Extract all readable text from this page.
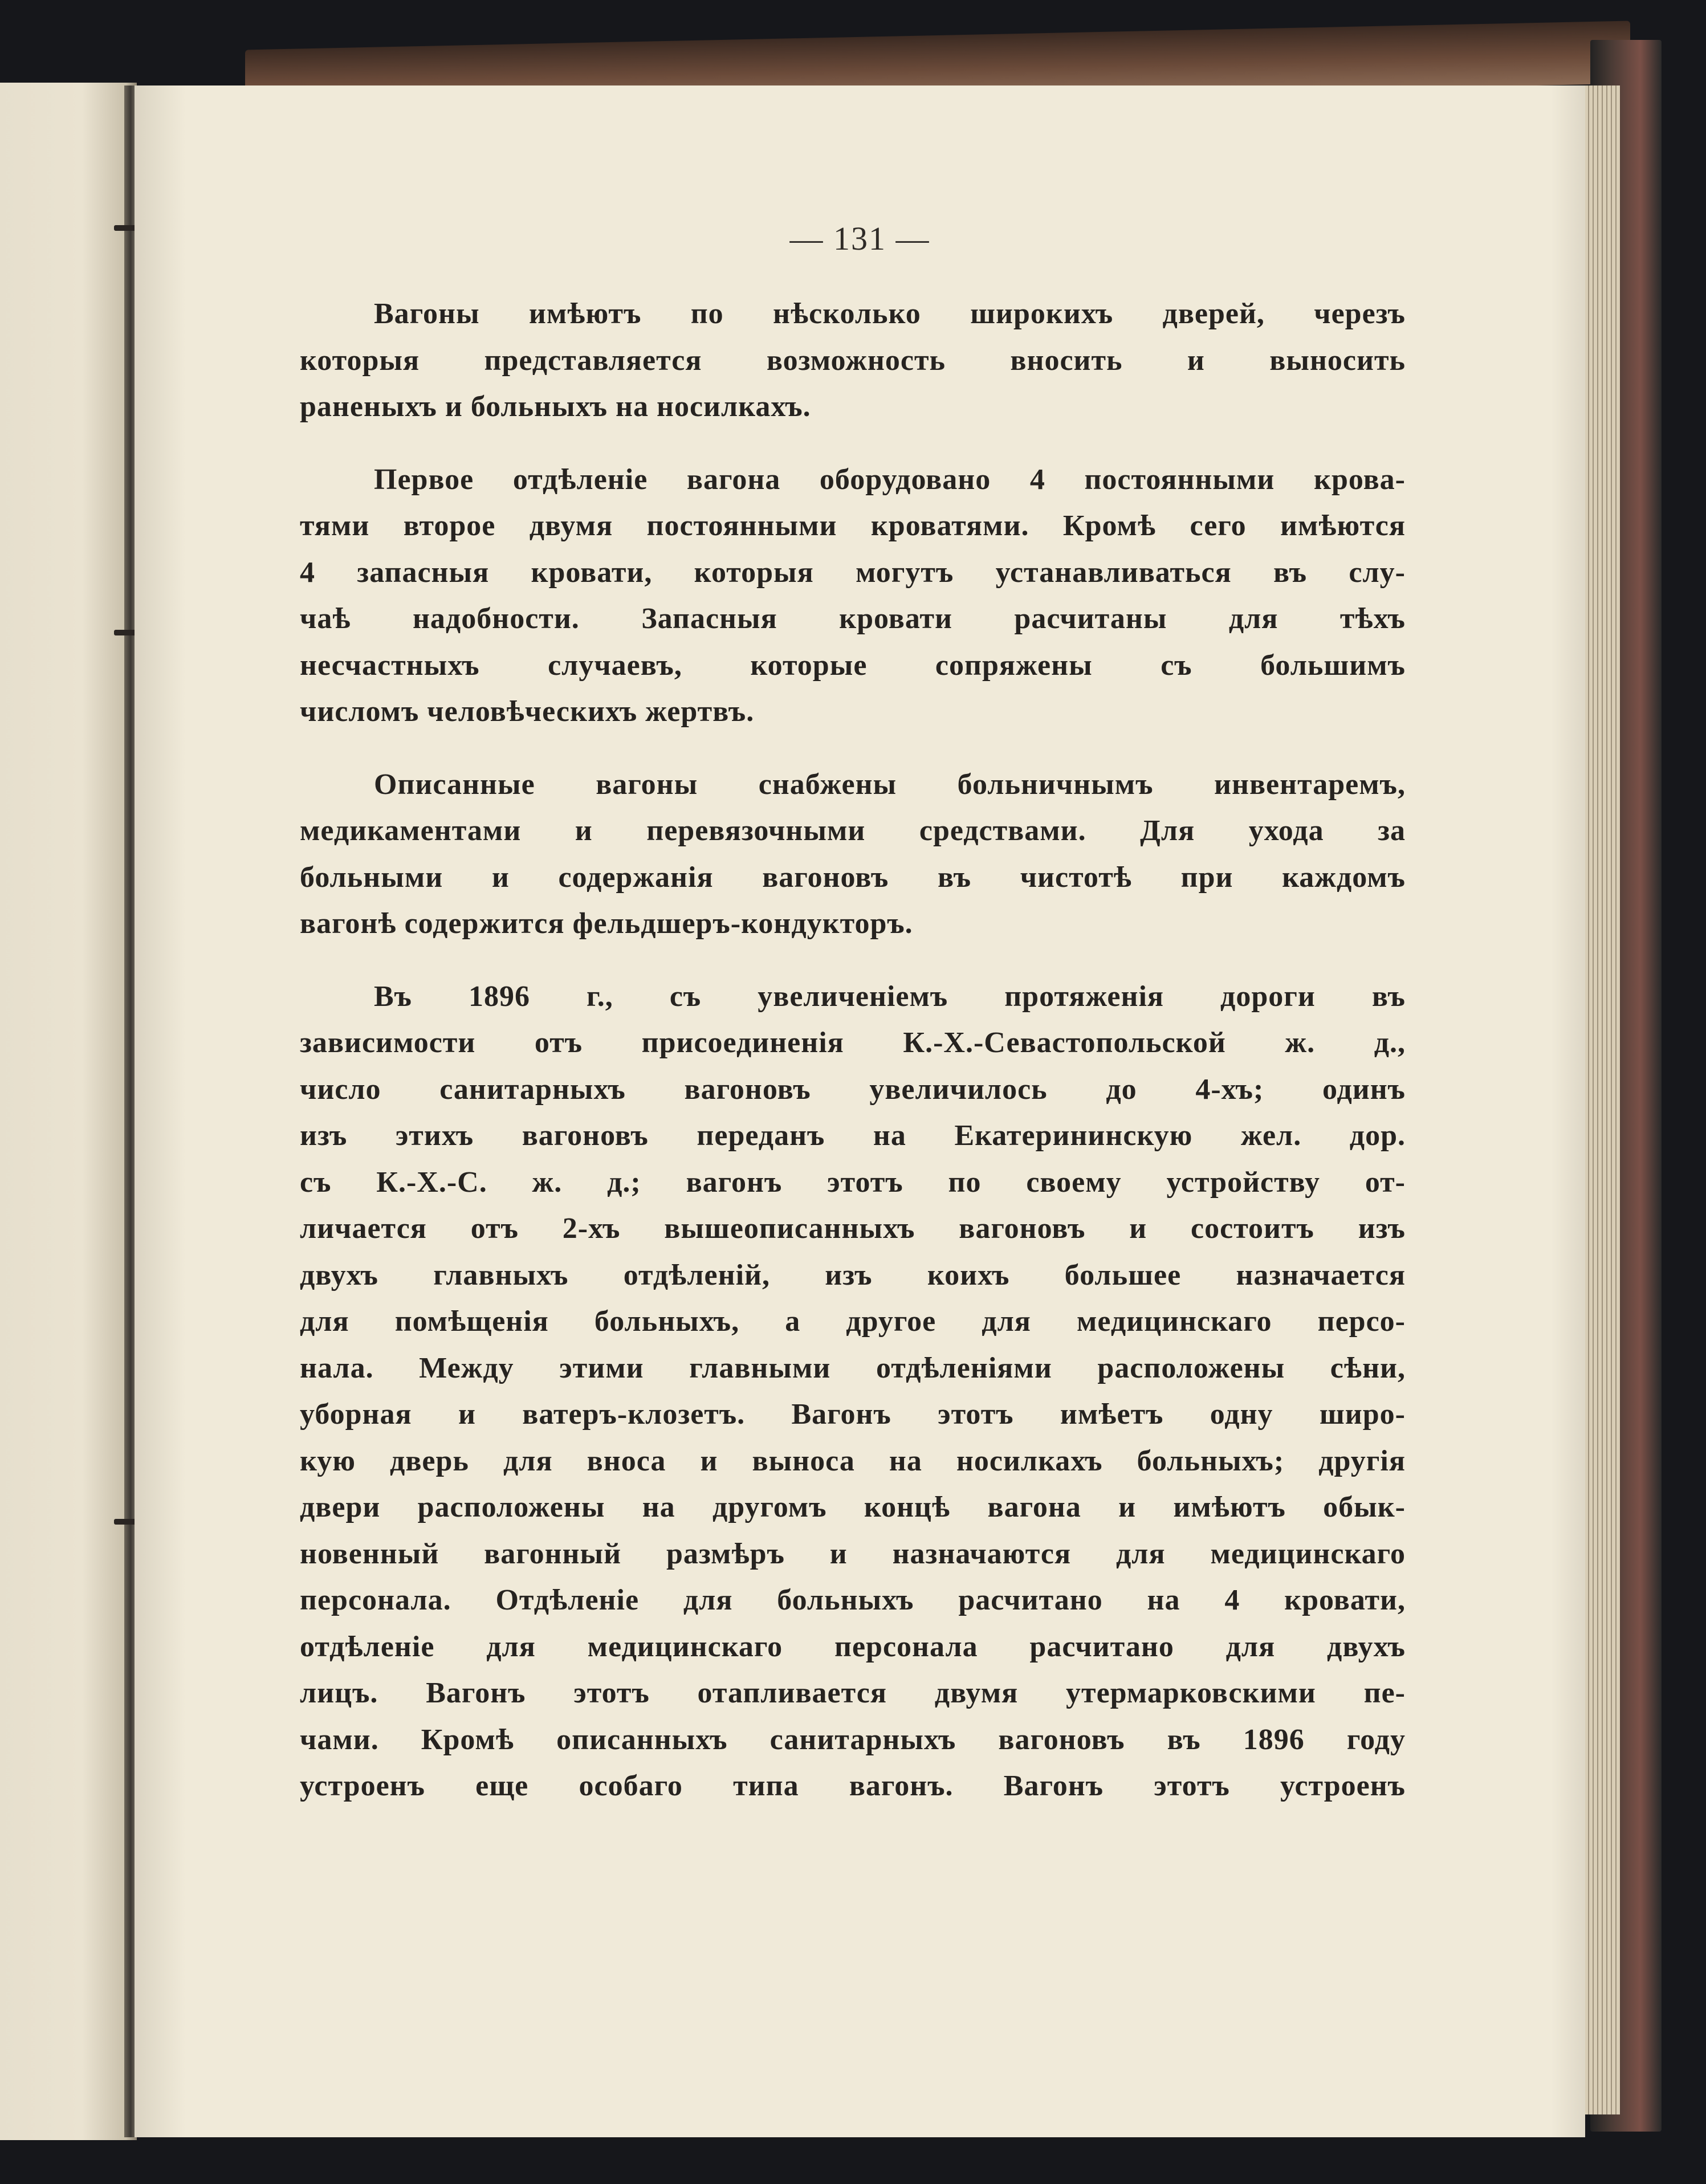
— 131 —
Вагоны имѣютъ по нѣсколько широкихъ дверей, черезъ
которыя представляется возможность вносить и выносить
раненыхъ и больныхъ на носилкахъ.
Первое отдѣленіе вагона оборудовано 4 постоянными крова-
тями второе двумя постоянными кроватями. Кромѣ сего имѣются
4 запасныя кровати, которыя могутъ устанавливаться въ слу-
чаѣ надобности. Запасныя кровати расчитаны для тѣхъ
несчастныхъ случаевъ, которые сопряжены съ большимъ
числомъ человѣческихъ жертвъ.
Описанные вагоны снабжены больничнымъ инвентаремъ,
медикаментами и перевязочными средствами. Для ухода за
больными и содержанія вагоновъ въ чистотѣ при каждомъ
вагонѣ содержится фельдшеръ-кондукторъ.
Въ 1896 г., съ увеличеніемъ протяженія дороги въ
зависимости отъ присоединенія К.-Х.-Севастопольской ж. д.,
число санитарныхъ вагоновъ увеличилось до 4-хъ; одинъ
изъ этихъ вагоновъ переданъ на Екатерининскую жел. дор.
съ К.-Х.-С. ж. д.; вагонъ этотъ по своему устройству от-
личается отъ 2-хъ вышеописанныхъ вагоновъ и состоитъ изъ
двухъ главныхъ отдѣленій, изъ коихъ большее назначается
для помѣщенія больныхъ, а другое для медицинскаго персо-
нала. Между этими главными отдѣленіями расположены сѣни,
уборная и ватеръ-клозетъ. Вагонъ этотъ имѣетъ одну широ-
кую дверь для вноса и выноса на носилкахъ больныхъ; другія
двери расположены на другомъ концѣ вагона и имѣютъ обык-
новенный вагонный размѣръ и назначаются для медицинскаго
персонала. Отдѣленіе для больныхъ расчитано на 4 кровати,
отдѣленіе для медицинскаго персонала расчитано для двухъ
лицъ. Вагонъ этотъ отапливается двумя утермарковскими пе-
чами. Кромѣ описанныхъ санитарныхъ вагоновъ въ 1896 году
устроенъ еще особаго типа вагонъ. Вагонъ этотъ устроенъ
